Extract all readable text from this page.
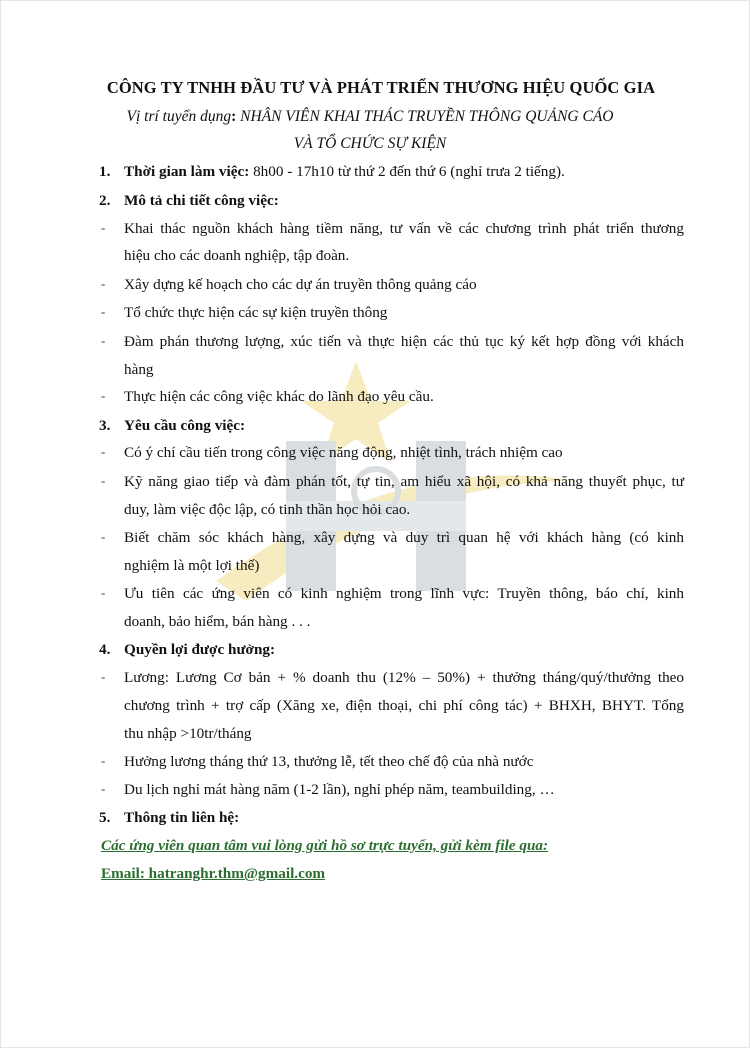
CÔNG TY TNHH ĐẦU TƯ VÀ PHÁT TRIỂN THƯƠNG HIỆU QUỐC GIA
Vị trí tuyển dụng: NHÂN VIÊN KHAI THÁC TRUYỀN THÔNG QUẢNG CÁO
VÀ TỔ CHỨC SỰ KIỆN
1. Thời gian làm việc: 8h00 - 17h10 từ thứ 2 đến thứ 6 (nghỉ trưa 2 tiếng).
2. Mô tả chi tiết công việc:
- Khai thác nguồn khách hàng tiềm năng, tư vấn về các chương trình phát triển thương
hiệu cho các doanh nghiệp, tập đoàn.
- Xây dựng kế hoạch cho các dự án truyền thông quảng cáo
- Tổ chức thực hiện các sự kiện truyền thông
- Đàm phán thương lượng, xúc tiến và thực hiện các thủ tục ký kết hợp đồng với khách
hàng
- Thực hiện các công việc khác do lãnh đạo yêu cầu.
3. Yêu cầu công việc:
- Có ý chí cầu tiến trong công việc năng động, nhiệt tình, trách nhiệm cao
- Kỹ năng giao tiếp và đàm phán tốt, tự tin, am hiểu xã hội, có khả năng thuyết phục, tư
duy, làm việc độc lập, có tinh thần học hỏi cao.
- Biết chăm sóc khách hàng, xây dựng và duy trì quan hệ với khách hàng (có kinh
nghiệm là một lợi thế)
- Ưu tiên các ứng viên có kinh nghiệm trong lĩnh vực: Truyền thông, báo chí, kinh
doanh, bảo hiểm, bán hàng . . .
4. Quyền lợi được hưởng:
- Lương: Lương Cơ bản + % doanh thu (12% – 50%) + thưởng tháng/quý/thưởng theo
chương trình + trợ cấp (Xăng xe, điện thoại, chi phí công tác) + BHXH, BHYT. Tổng
thu nhập >10tr/tháng
- Hưởng lương tháng thứ 13, thưởng lễ, tết theo chế độ của nhà nước
- Du lịch nghỉ mát hàng năm (1-2 lần), nghỉ phép năm, teambuilding, …
5. Thông tin liên hệ:
Các ứng viên quan tâm vui lòng gửi hồ sơ trực tuyến, gửi kèm file qua:
Email: hatranghr.thm@gmail.com
